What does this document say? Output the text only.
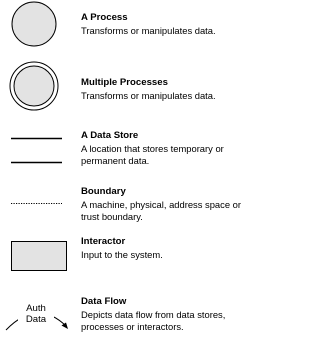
A Process
Transforms or manipulates data.
Multiple Processes
Transforms or manipulates data.
A Data Store
A location that stores temporary or permanent data.
Boundary
A machine, physical, address space or trust boundary.
Interactor
Input to the system.
Auth
Data
Data Flow
Depicts data flow from data stores, processes or interactors.
